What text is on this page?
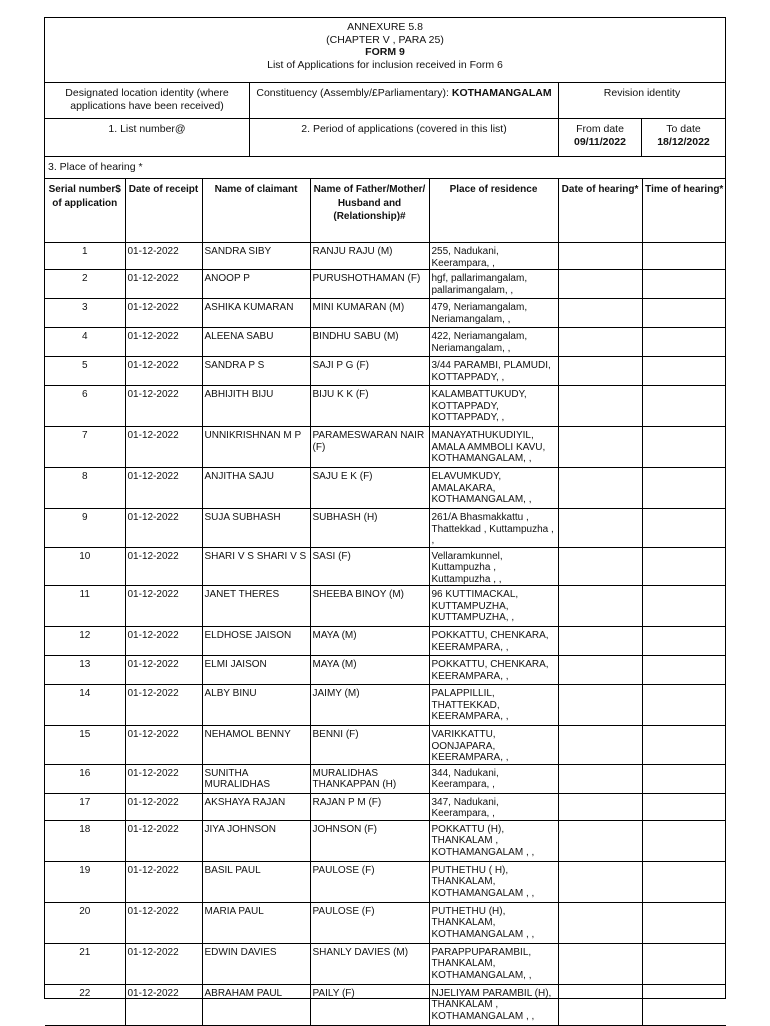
ANNEXURE 5.8
(CHAPTER V , PARA 25)
FORM 9
List of Applications for inclusion received in Form 6
Designated location identity (where applications have been received)
Constituency (Assembly/£Parliamentary): KOTHAMANGALAM	Revision identity
1. List number@	2. Period of applications (covered in this list)	From date
09/11/2022
To date
18/12/2022
3. Place of hearing *
Serial number$ of application	Date of receipt	Name of claimant	Name of Father/Mother/ Husband and (Relationship)#	Place of residence	Date of hearing*	Time of hearing*
1	01-12-2022	SANDRA SIBY	RANJU RAJU (M)	255, Nadukani, Keerampara, ,		
2	01-12-2022	ANOOP P	PURUSHOTHAMAN (F)	hgf, pallarimangalam, pallarimangalam, ,		
3	01-12-2022	ASHIKA KUMARAN	MINI KUMARAN (M)	479, Neriamangalam, Neriamangalam, ,		
4	01-12-2022	ALEENA SABU	BINDHU SABU (M)	422, Neriamangalam, Neriamangalam, ,		
5	01-12-2022	SANDRA P S	SAJI P G (F)	3/44 PARAMBI, PLAMUDI, KOTTAPPADY, ,		
6	01-12-2022	ABHIJITH BIJU	BIJU K K (F)	KALAMBATTUKUDY, KOTTAPPADY, KOTTAPPADY, ,		
7	01-12-2022	UNNIKRISHNAN M P	PARAMESWARAN NAIR (F)	MANAYATHUKUDIYIL, AMALA AMMBOLI KAVU, KOTHAMANGALAM, ,		
8	01-12-2022	ANJITHA SAJU	SAJU E K (F)	ELAVUMKUDY, AMALAKARA, KOTHAMANGALAM, ,		
9	01-12-2022	SUJA SUBHASH	SUBHASH (H)	261/A Bhasmakkattu , Thattekkad , Kuttampuzha , ,		
10	01-12-2022	SHARI V S SHARI V S	SASI (F)	Vellaramkunnel, Kuttampuzha , Kuttampuzha , ,		
11	01-12-2022	JANET THERES	SHEEBA BINOY (M)	96 KUTTIMACKAL, KUTTAMPUZHA, KUTTAMPUZHA, ,		
12	01-12-2022	ELDHOSE JAISON	MAYA (M)	POKKATTU, CHENKARA, KEERAMPARA, ,		
13	01-12-2022	ELMI JAISON	MAYA (M)	POKKATTU, CHENKARA, KEERAMPARA, ,		
14	01-12-2022	ALBY BINU	JAIMY (M)	PALAPPILLIL, THATTEKKAD, KEERAMPARA, ,		
15	01-12-2022	NEHAMOL BENNY	BENNI (F)	VARIKKATTU, OONJAPARA, KEERAMPARA, ,		
16	01-12-2022	SUNITHA MURALIDHAS	MURALIDHAS THANKAPPAN (H)	344, Nadukani, Keerampara, ,		
17	01-12-2022	AKSHAYA RAJAN	RAJAN P M (F)	347, Nadukani, Keerampara, ,		
18	01-12-2022	JIYA JOHNSON	JOHNSON (F)	POKKATTU (H), THANKALAM , KOTHAMANGALAM , ,		
19	01-12-2022	BASIL PAUL	PAULOSE (F)	PUTHETHU ( H), THANKALAM, KOTHAMANGALAM , ,		
20	01-12-2022	MARIA PAUL	PAULOSE (F)	PUTHETHU (H), THANKALAM, KOTHAMANGALAM , ,		
21	01-12-2022	EDWIN DAVIES	SHANLY DAVIES (M)	PARAPPUPARAMBIL, THANKALAM, KOTHAMANGALAM, ,		
22	01-12-2022	ABRAHAM PAUL	PAILY (F)	NJELIYAM PARAMBIL (H), THANKALAM , KOTHAMANGALAM , ,		
